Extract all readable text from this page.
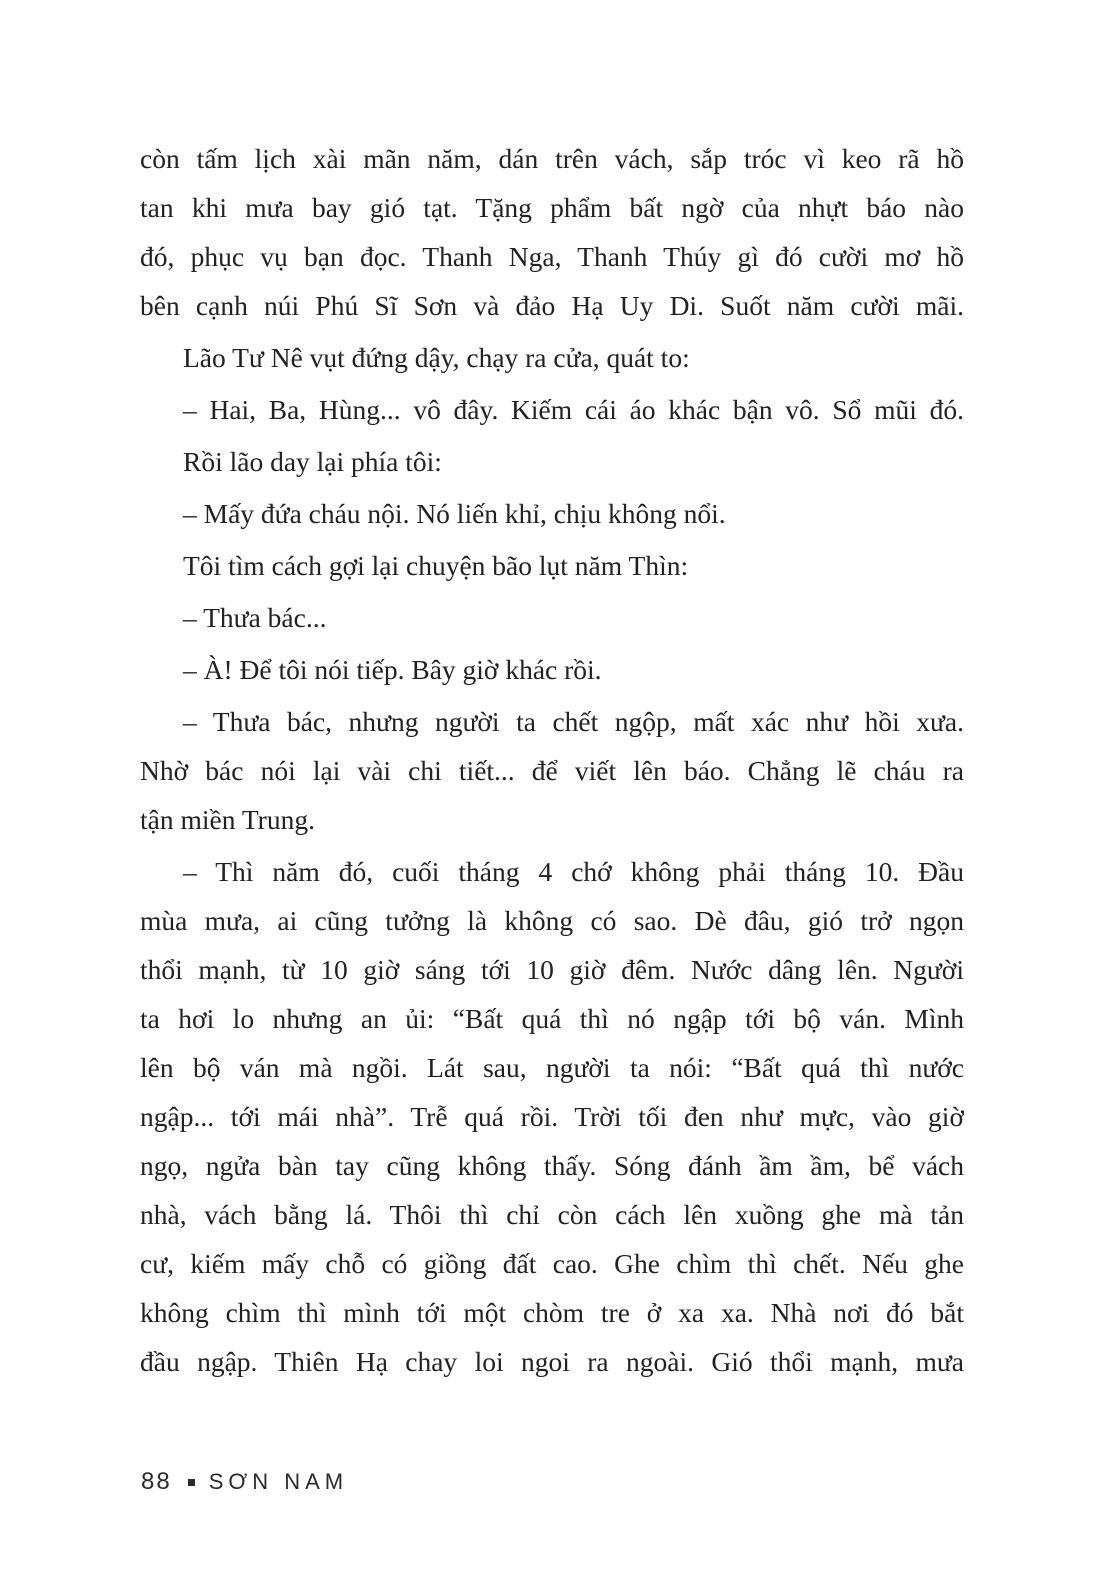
còn tấm lịch xài mãn năm, dán trên vách, sắp tróc vì keo rã hồ
tan khi mưa bay gió tạt. Tặng phẩm bất ngờ của nhựt báo nào
đó, phục vụ bạn đọc. Thanh Nga, Thanh Thúy gì đó cười mơ hồ
bên cạnh núi Phú Sĩ Sơn và đảo Hạ Uy Di. Suốt năm cười mãi.
Lão Tư Nê vụt đứng dậy, chạy ra cửa, quát to:
– Hai, Ba, Hùng... vô đây. Kiếm cái áo khác bận vô. Sổ mũi đó.
Rồi lão day lại phía tôi:
– Mấy đứa cháu nội. Nó liến khỉ, chịu không nổi.
Tôi tìm cách gợi lại chuyện bão lụt năm Thìn:
– Thưa bác...
– À! Để tôi nói tiếp. Bây giờ khác rồi.
– Thưa bác, nhưng người ta chết ngộp, mất xác như hồi xưa.
Nhờ bác nói lại vài chi tiết... để viết lên báo. Chẳng lẽ cháu ra
tận miền Trung.
– Thì năm đó, cuối tháng 4 chớ không phải tháng 10. Đầu
mùa mưa, ai cũng tưởng là không có sao. Dè đâu, gió trở ngọn
thổi mạnh, từ 10 giờ sáng tới 10 giờ đêm. Nước dâng lên. Người
ta hơi lo nhưng an ủi: “Bất quá thì nó ngập tới bộ ván. Mình
lên bộ ván mà ngồi. Lát sau, người ta nói: “Bất quá thì nước
ngập... tới mái nhà”. Trễ quá rồi. Trời tối đen như mực, vào giờ
ngọ, ngửa bàn tay cũng không thấy. Sóng đánh ầm ầm, bể vách
nhà, vách bằng lá. Thôi thì chỉ còn cách lên xuồng ghe mà tản
cư, kiếm mấy chỗ có giồng đất cao. Ghe chìm thì chết. Nếu ghe
không chìm thì mình tới một chòm tre ở xa xa. Nhà nơi đó bắt
đầu ngập. Thiên Hạ chay loi ngoi ra ngoài. Gió thổi mạnh, mưa
88 SƠN NAM
